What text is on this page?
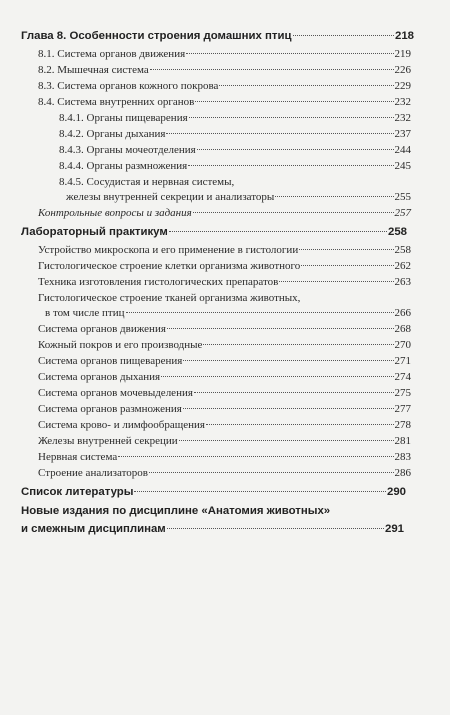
Глава 8. Особенности строения домашних птиц	218
8.1. Система органов движения	219
8.2. Мышечная система	226
8.3. Система органов кожного покрова	229
8.4. Система внутренних органов	232
8.4.1. Органы пищеварения	232
8.4.2. Органы дыхания	237
8.4.3. Органы мочеотделения	244
8.4.4. Органы размножения	245
8.4.5. Сосудистая и нервная системы,
железы внутренней секреции и анализаторы	255
Контрольные вопросы и задания	257
Лабораторный практикум	258
Устройство микроскопа и его применение в гистологии	258
Гистологическое строение клетки организма животного	262
Техника изготовления гистологических препаратов	263
Гистологическое строение тканей организма животных,
в том числе птиц	266
Система органов движения	268
Кожный покров и его производные	270
Система органов пищеварения	271
Система органов дыхания	274
Система органов мочевыделения	275
Система органов размножения	277
Система крово- и лимфообращения	278
Железы внутренней секреции	281
Нервная система	283
Строение анализаторов	286
Список литературы	290
Новые издания по дисциплине «Анатомия животных»
и смежным дисциплинам	291
